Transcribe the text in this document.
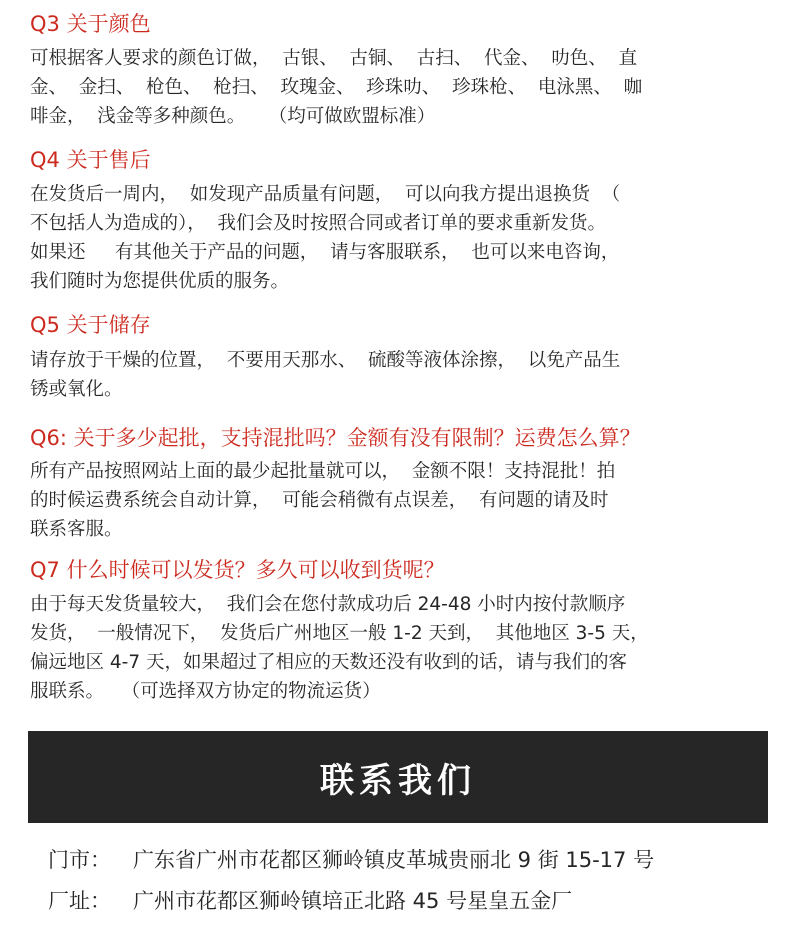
Q3 关于颜色

可根据客人要求的颜色订做，  古银、  古铜、  古扫、  代金、  叻色、  直
金、  金扫、  枪色、  枪扫、  玫瑰金、  珍珠叻、  珍珠枪、  电泳黑、  咖
啡金，  浅金等多种颜色。    （均可做欧盟标准）

Q4 关于售后

在发货后一周内，  如发现产品质量有问题，  可以向我方提出退换货  （
不包括人为造成的），  我们会及时按照合同或者订单的要求重新发货。
如果还     有其他关于产品的问题，  请与客服联系，  也可以来电咨询，
我们随时为您提供优质的服务。

Q5 关于储存

请存放于干燥的位置，  不要用天那水、  硫酸等液体涂擦，  以免产品生
锈或氧化。

Q6: 关于多少起批，支持混批吗？金额有没有限制？运费怎么算？

所有产品按照网站上面的最少起批量就可以，  金额不限！支持混批！拍
的时候运费系统会自动计算，  可能会稍微有点误差，  有问题的请及时
联系客服。

Q7 什么时候可以发货？多久可以收到货呢？

由于每天发货量较大，  我们会在您付款成功后 24-48 小时内按付款顺序
发货，  一般情况下，  发货后广州地区一般 1-2 天到，  其他地区 3-5 天，
偏远地区 4-7 天，如果超过了相应的天数还没有收到的话，请与我们的客
服联系。   （可选择双方协定的物流运货）

联系我们
门市： 广东省广州市花都区狮岭镇皮革城贵丽北 9 街 15-17 号
厂址： 广州市花都区狮岭镇培正北路 45 号星皇五金厂
